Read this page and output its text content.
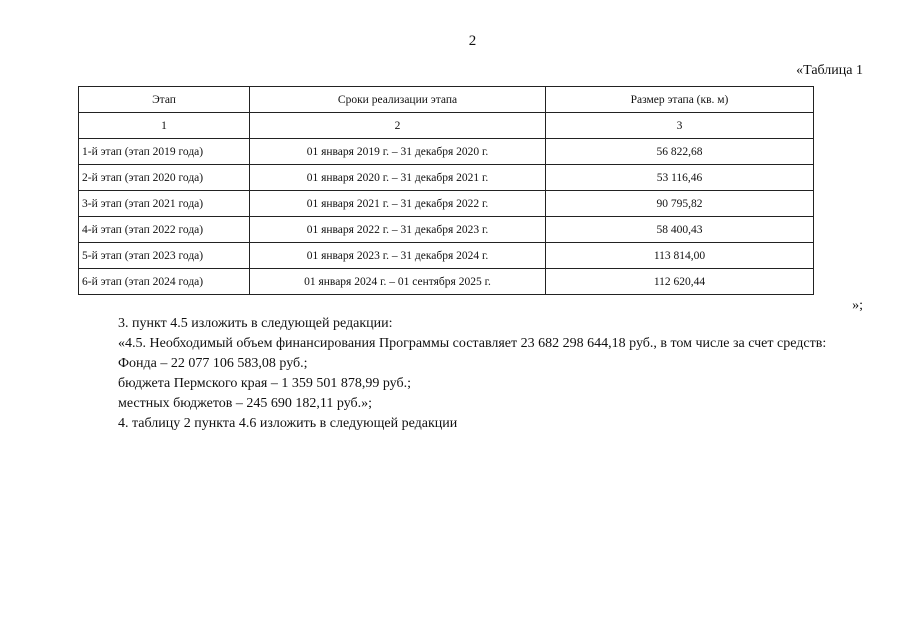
2
«Таблица 1
Этап	Сроки реализации этапа	Размер этапа (кв. м)
1	2	3
1-й этап (этап 2019 года)	01 января 2019 г. – 31 декабря 2020 г.	56 822,68
2-й этап (этап 2020 года)	01 января 2020 г. – 31 декабря 2021 г.	53 116,46
3-й этап (этап 2021 года)	01 января 2021 г. – 31 декабря 2022 г.	90 795,82
4-й этап (этап 2022 года)	01 января 2022 г. – 31 декабря 2023 г.	58 400,43
5-й этап (этап 2023 года)	01 января 2023 г. – 31 декабря 2024 г.	113 814,00
6-й этап (этап 2024 года)	01 января 2024 г. – 01 сентября 2025 г.	112 620,44
»;
3. пункт 4.5 изложить в следующей редакции:
«4.5. Необходимый объем финансирования Программы составляет 23 682 298 644,18 руб., в том числе за счет средств:
Фонда – 22 077 106 583,08 руб.;
бюджета Пермского края – 1 359 501 878,99 руб.;
местных бюджетов – 245 690 182,11 руб.»;
4. таблицу 2 пункта 4.6 изложить в следующей редакции
